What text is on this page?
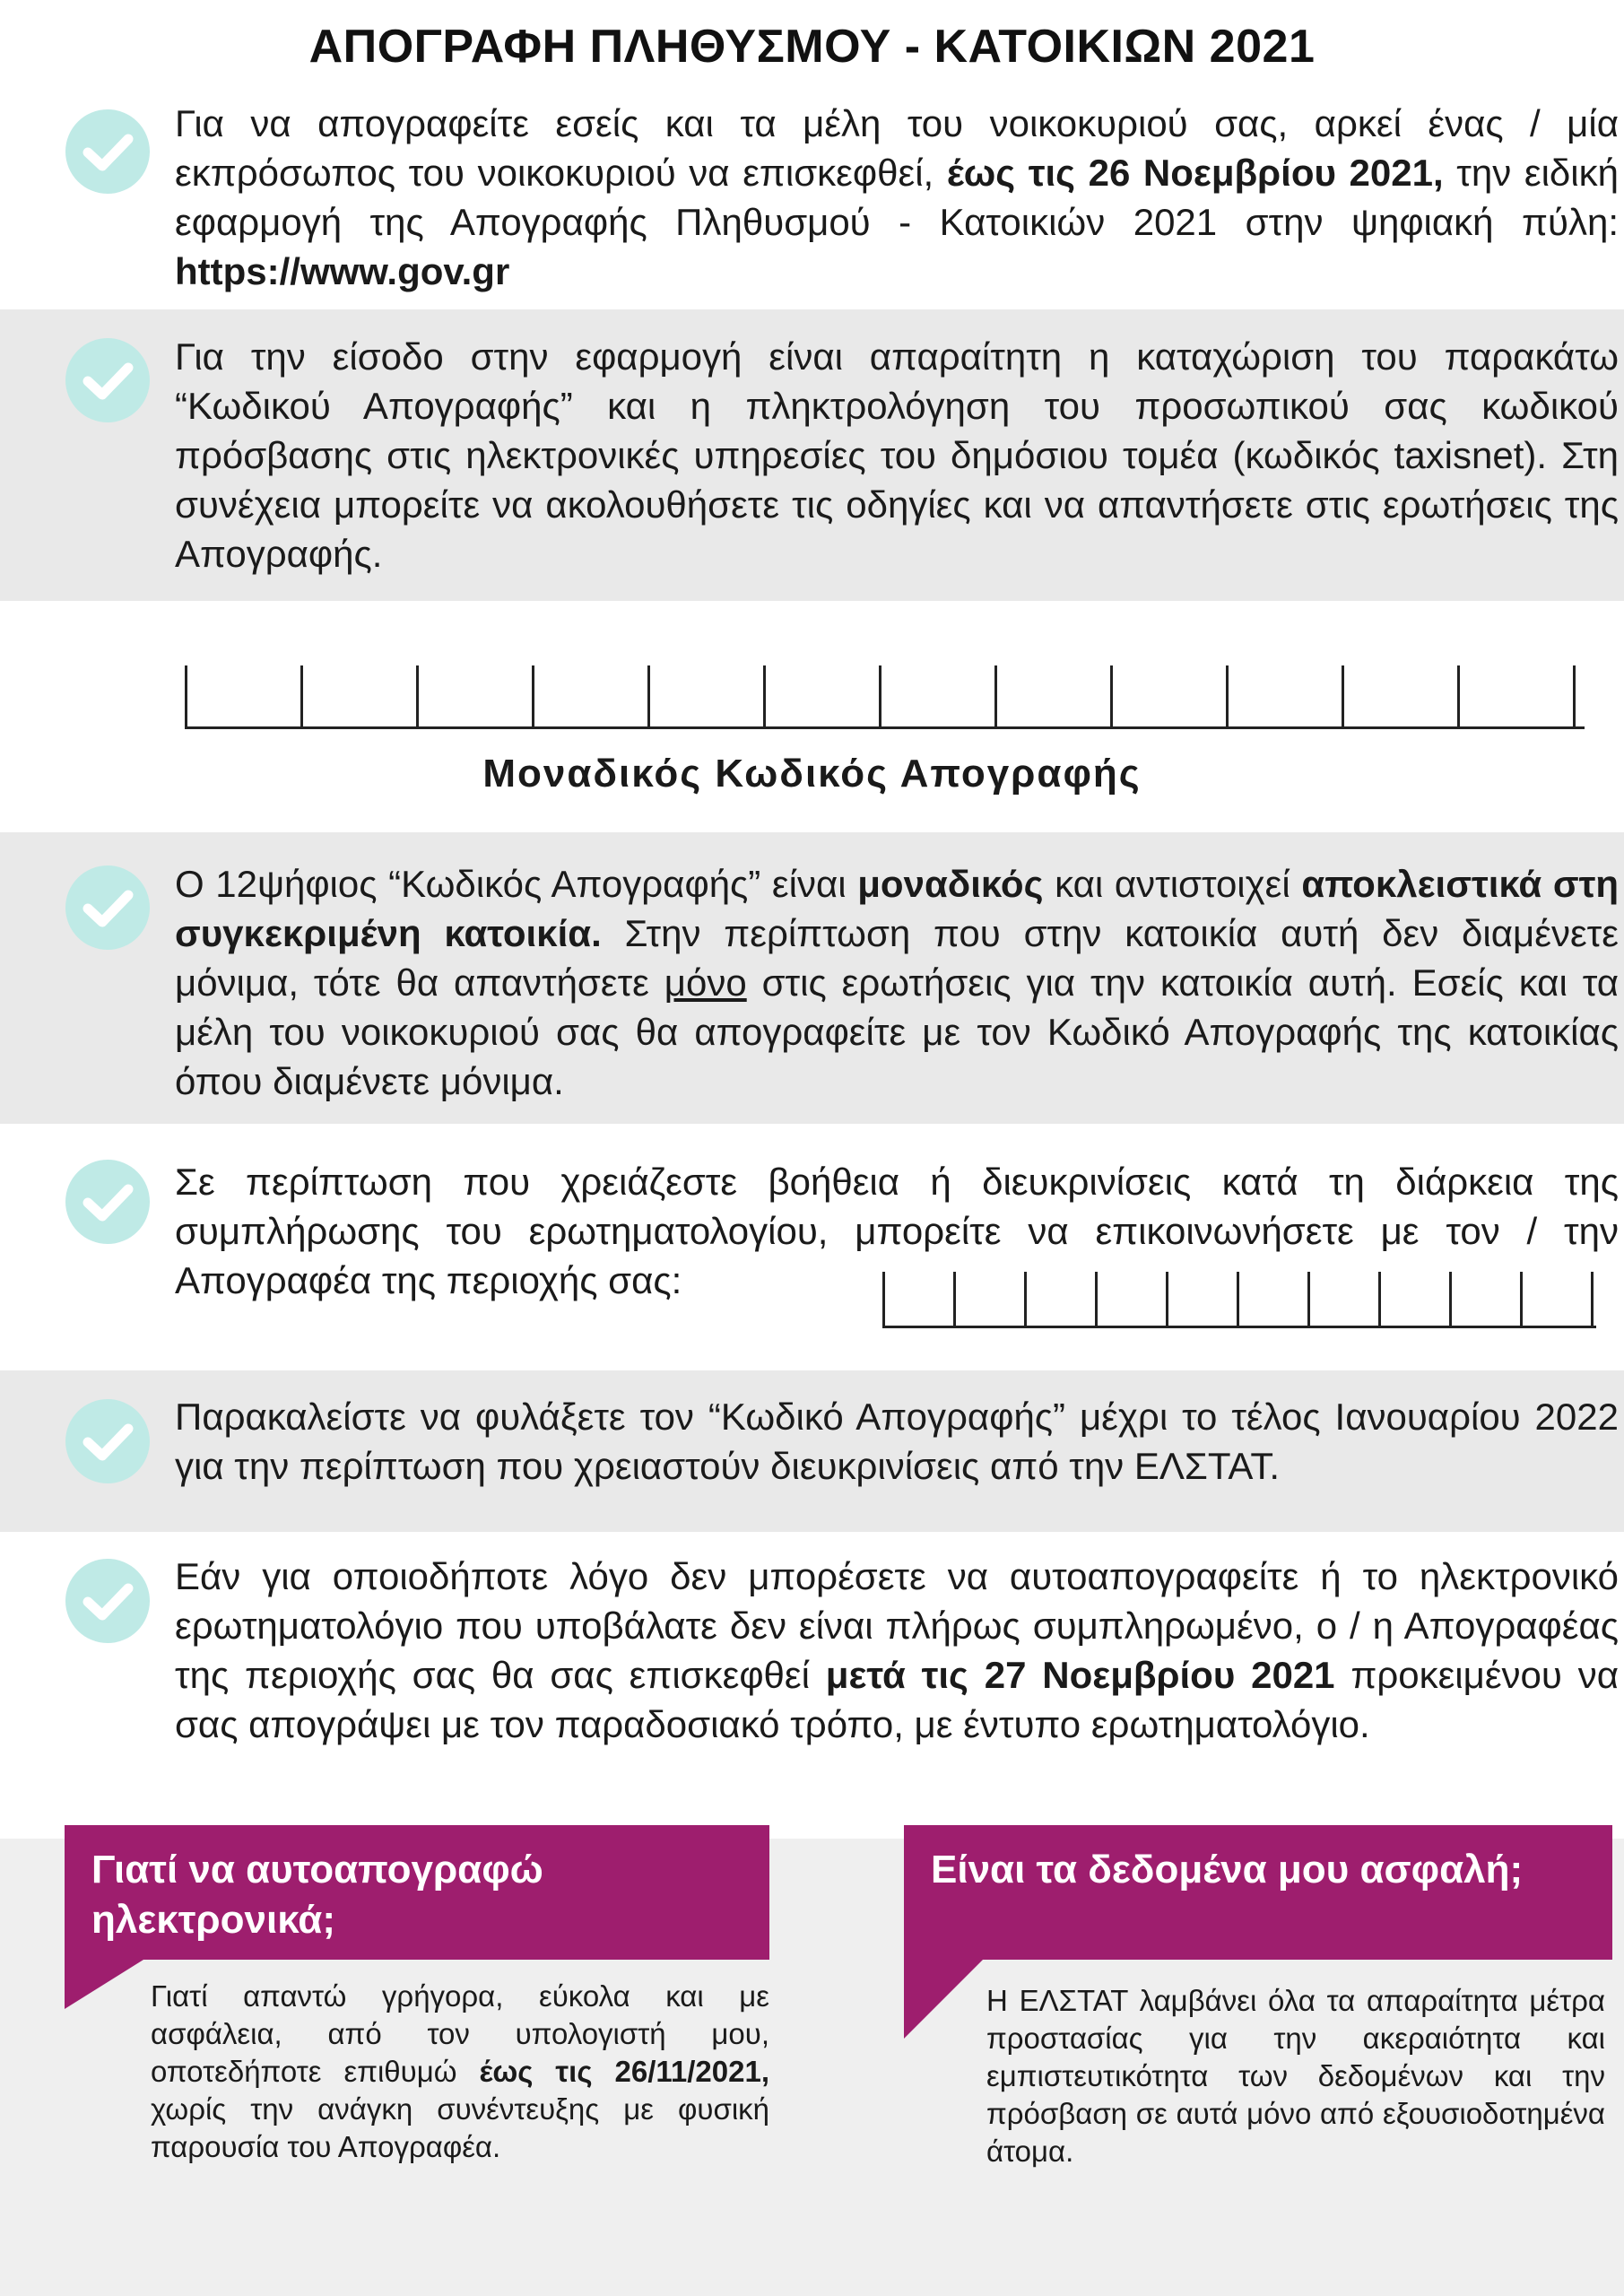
ΑΠΟΓΡΑΦΗ ΠΛΗΘΥΣΜΟΥ - ΚΑΤΟΙΚΙΩΝ 2021
Για να απογραφείτε εσείς και τα μέλη του νοικοκυριού σας, αρκεί ένας / μία εκπρόσωπος του νοικοκυριού να επισκεφθεί, έως τις 26 Νοεμβρίου 2021, την ειδική εφαρμογή της Απογραφής Πληθυσμού - Κατοικιών 2021 στην ψηφιακή πύλη: https://www.gov.gr
Για την είσοδο στην εφαρμογή είναι απαραίτητη η καταχώριση του παρακάτω “Κωδικού Απογραφής” και η πληκτρολόγηση του προσωπικού σας κωδικού πρόσβασης στις ηλεκτρονικές υπηρεσίες του δημόσιου τομέα (κωδικός taxisnet). Στη συνέχεια μπορείτε να ακολουθήσετε τις οδηγίες και να απαντήσετε στις ερωτήσεις της Απογραφής.
Μοναδικός Κωδικός Απογραφής
Ο 12ψήφιος “Κωδικός Απογραφής” είναι μοναδικός και αντιστοιχεί αποκλειστικά στη συγκεκριμένη κατοικία. Στην περίπτωση που στην κατοικία αυτή δεν διαμένετε μόνιμα, τότε θα απαντήσετε μόνο στις ερωτήσεις για την κατοικία αυτή. Εσείς και τα μέλη του νοικοκυριού σας θα απογραφείτε με τον Κωδικό Απογραφής της κατοικίας όπου διαμένετε μόνιμα.
Σε περίπτωση που χρειάζεστε βοήθεια ή διευκρινίσεις κατά τη διάρκεια της συμπλήρωσης του ερωτηματολογίου, μπορείτε να επικοινωνήσετε με τον / την Απογραφέα της περιοχής σας:
Παρακαλείστε να φυλάξετε τον “Κωδικό Απογραφής” μέχρι το τέλος Ιανουαρίου 2022 για την περίπτωση που χρειαστούν διευκρινίσεις από την ΕΛΣΤΑΤ.
Εάν για οποιοδήποτε λόγο δεν μπορέσετε να αυτοαπογραφείτε ή το ηλεκτρονικό ερωτηματολόγιο που υποβάλατε δεν είναι πλήρως συμπληρωμένο, ο / η Απογραφέας της περιοχής σας θα σας επισκεφθεί μετά τις 27 Νοεμβρίου 2021 προκειμένου να σας απογράψει με τον παραδοσιακό τρόπο, με έντυπο ερωτηματολόγιο.
Γιατί να αυτοαπογραφώ ηλεκτρονικά;
Γιατί απαντώ γρήγορα, εύκολα και με ασφάλεια, από τον υπολογιστή μου, οποτεδήποτε επιθυμώ έως τις 26/11/2021, χωρίς την ανάγκη συνέντευξης με φυσική παρουσία του Απογραφέα.
Είναι τα δεδομένα μου ασφαλή;
Η ΕΛΣΤΑΤ λαμβάνει όλα τα απαραίτητα μέτρα προστασίας για την ακεραιότητα και εμπιστευτικότητα των δεδομένων και την πρόσβαση σε αυτά μόνο από εξουσιοδοτημένα άτομα.
